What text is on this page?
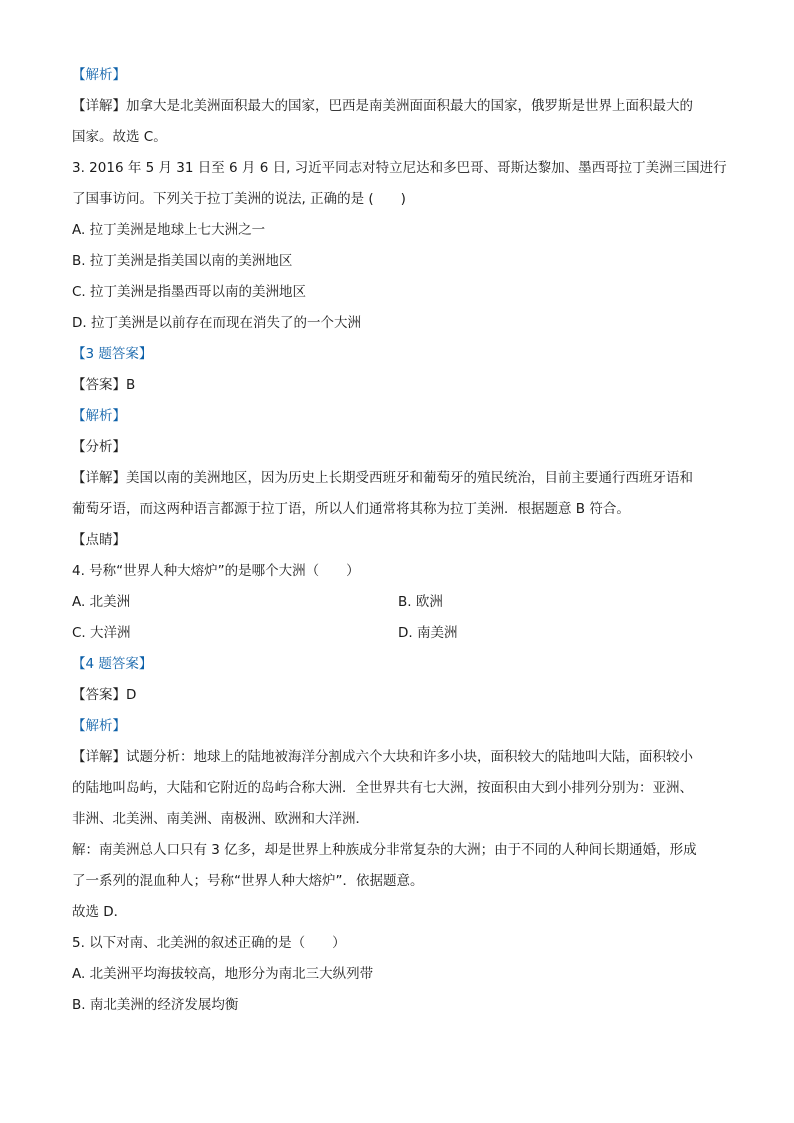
【解析】
【详解】加拿大是北美洲面积最大的国家，巴西是南美洲面面积最大的国家，俄罗斯是世界上面积最大的
国家。故选 C。
3. 2016 年 5 月 31 日至 6 月 6 日, 习近平同志对特立尼达和多巴哥、哥斯达黎加、墨西哥拉丁美洲三国进行
了国事访问。下列关于拉丁美洲的说法, 正确的是 (　　)
A. 拉丁美洲是地球上七大洲之一
B. 拉丁美洲是指美国以南的美洲地区
C. 拉丁美洲是指墨西哥以南的美洲地区
D. 拉丁美洲是以前存在而现在消失了的一个大洲
【3 题答案】
【答案】B
【解析】
【分析】
【详解】美国以南的美洲地区，因为历史上长期受西班牙和葡萄牙的殖民统治，目前主要通行西班牙语和
葡萄牙语，而这两种语言都源于拉丁语，所以人们通常将其称为拉丁美洲．根据题意 B 符合。
【点睛】
4. 号称“世界人种大熔炉”的是哪个大洲（　　）
A. 北美洲	B. 欧洲
C. 大洋洲	D. 南美洲
【4 题答案】
【答案】D
【解析】
【详解】试题分析：地球上的陆地被海洋分割成六个大块和许多小块，面积较大的陆地叫大陆，面积较小
的陆地叫岛屿，大陆和它附近的岛屿合称大洲．全世界共有七大洲，按面积由大到小排列分别为：亚洲、
非洲、北美洲、南美洲、南极洲、欧洲和大洋洲．
解：南美洲总人口只有 3 亿多，却是世界上种族成分非常复杂的大洲；由于不同的人种间长期通婚，形成
了一系列的混血种人；号称“世界人种大熔炉”．依据题意。
故选 D．
5. 以下对南、北美洲的叙述正确的是（　　）
A. 北美洲平均海拔较高，地形分为南北三大纵列带
B. 南北美洲的经济发展均衡
